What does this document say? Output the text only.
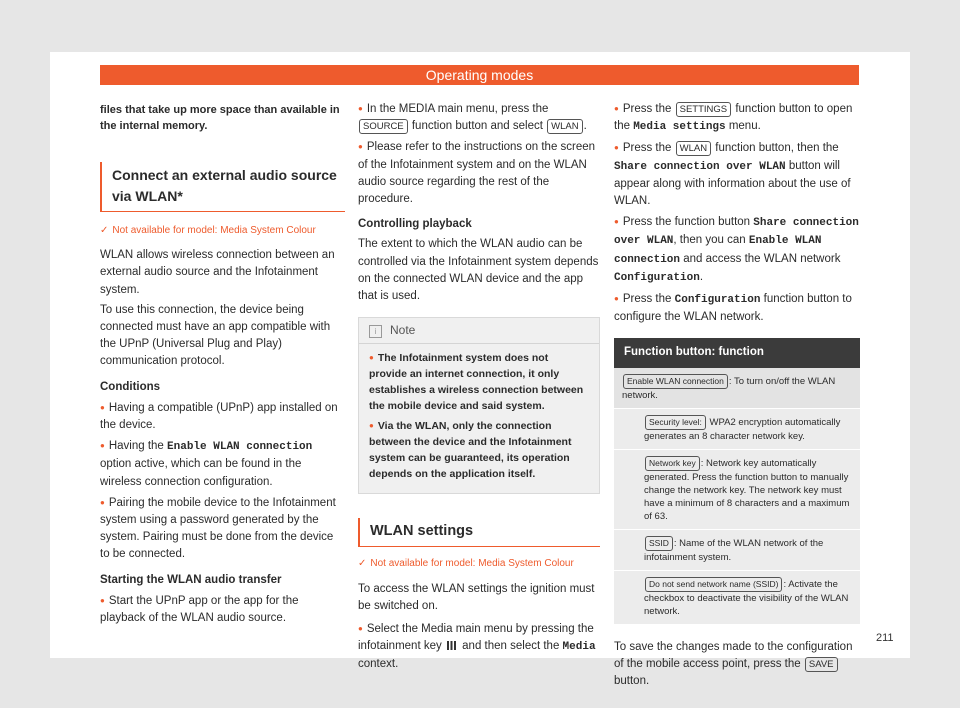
Operating modes

files that take up more space than available in the internal memory.

Connect an external audio source via WLAN*

✓ Not available for model: Media System Colour

WLAN allows wireless connection between an external audio source and the Infotainment system.

To use this connection, the device being connected must have an app compatible with the UPnP (Universal Plug and Play) communication protocol.

Conditions

● Having a compatible (UPnP) app installed on the device.

● Having the Enable WLAN connection option active, which can be found in the wireless connection configuration.

● Pairing the mobile device to the Infotainment system using a password generated by the system. Pairing must be done from the device to be connected.

Starting the WLAN audio transfer

● Start the UPnP app or the app for the playback of the WLAN audio source.

● In the MEDIA main menu, press the SOURCE function button and select WLAN .

● Please refer to the instructions on the screen of the Infotainment system and on the WLAN audio source regarding the rest of the procedure.

Controlling playback

The extent to which the WLAN audio can be controlled via the Infotainment system depends on the connected WLAN device and the app that is used.

i Note

● The Infotainment system does not provide an internet connection, it only establishes a wireless connection between the mobile device and said system.

● Via the WLAN, only the connection between the device and the Infotainment system can be guaranteed, its operation depends on the application itself.

WLAN settings

✓ Not available for model: Media System Colour

To access the WLAN settings the ignition must be switched on.

● Select the Media main menu by pressing the infotainment key and then select the Media context.

● Press the SETTINGS function button to open the Media settings menu.

● Press the WLAN function button, then the Share connection over WLAN button will appear along with information about the use of WLAN.

● Press the function button Share connection over WLAN, then you can Enable WLAN connection and access the WLAN network Configuration.

● Press the Configuration function button to configure the WLAN network.

Function button: function
Enable WLAN connection : To turn on/off the WLAN network.
Security level: WPA2 encryption automatically generates an 8 character network key.
Network key : Network key automatically generated. Press the function button to manually change the network key. The network key must have a minimum of 8 characters and a maximum of 63.
SSID : Name of the WLAN network of the infotainment system.
Do not send network name (SSID) : Activate the checkbox to deactivate the visibility of the WLAN network.

To save the changes made to the configuration of the mobile access point, press the SAVE button.

211
